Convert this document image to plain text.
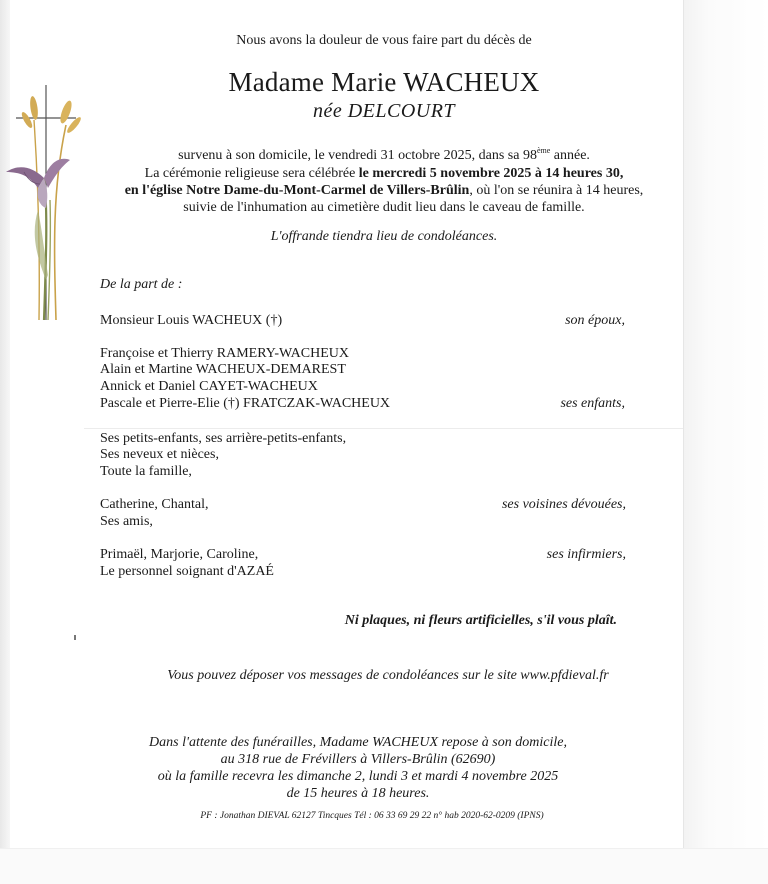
Nous avons la douleur de vous faire part du décès de
Madame Marie WACHEUX
née DELCOURT
survenu à son domicile, le vendredi 31 octobre 2025, dans sa 98ème année.
La cérémonie religieuse sera célébrée le mercredi 5 novembre 2025 à 14 heures 30,
en l'église Notre Dame-du-Mont-Carmel de Villers-Brûlin, où l'on se réunira à 14 heures,
suivie de l'inhumation au cimetière dudit lieu dans le caveau de famille.
L'offrande tiendra lieu de condoléances.
De la part de :
Monsieur Louis WACHEUX (†)	son époux,
Françoise et Thierry RAMERY-WACHEUX
Alain et Martine WACHEUX-DEMAREST
Annick et Daniel CAYET-WACHEUX
Pascale et Pierre-Elie (†) FRATCZAK-WACHEUX	ses enfants,
Ses petits-enfants, ses arrière-petits-enfants,
Ses neveux et nièces,
Toute la famille,
Catherine, Chantal,	ses voisines dévouées,
Ses amis,
Primaël, Marjorie, Caroline,	ses infirmiers,
Le personnel soignant d'AZAÉ
Ni plaques, ni fleurs artificielles, s'il vous plaît.
Vous pouvez déposer vos messages de condoléances sur le site www.pfdieval.fr
Dans l'attente des funérailles, Madame WACHEUX repose à son domicile,
au 318 rue de Frévillers à Villers-Brûlin (62690)
où la famille recevra les dimanche 2, lundi 3 et mardi 4 novembre 2025
de 15 heures à 18 heures.
PF : Jonathan DIEVAL 62127 Tincques Tél : 06 33 69 29 22 n° hab 2020-62-0209 (IPNS)
